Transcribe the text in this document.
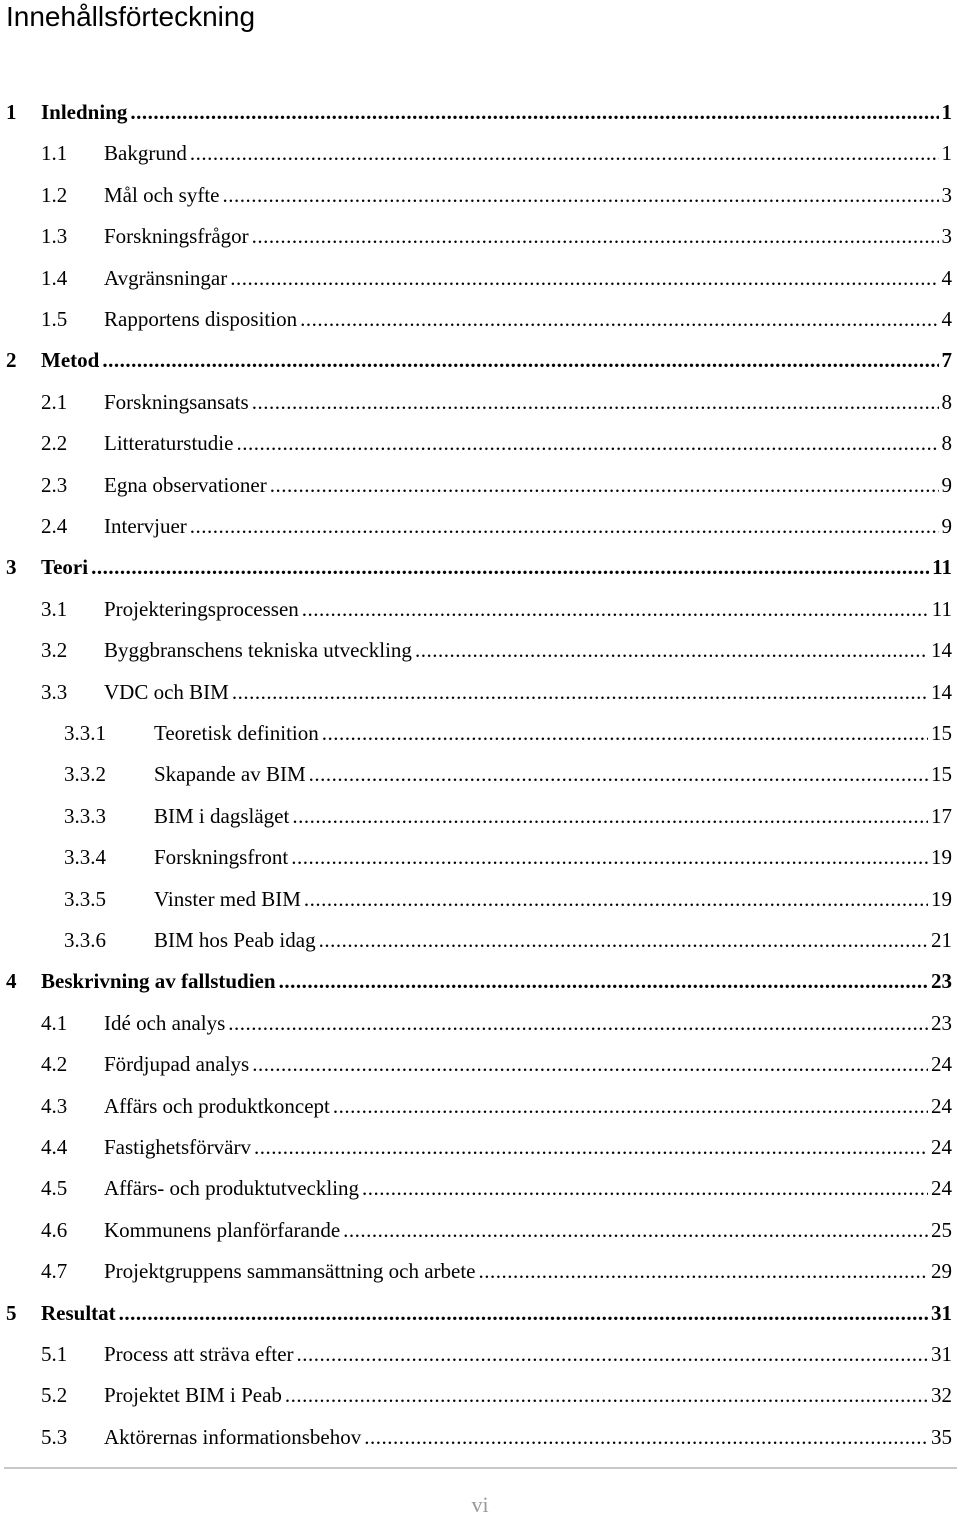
Innehållsförteckning
1 Inledning .....	1
1.1 Bakgrund .....	1
1.2 Mål och syfte .....	3
1.3 Forskningsfrågor .....	3
1.4 Avgränsningar .....	4
1.5 Rapportens disposition .....	4
2 Metod .....	7
2.1 Forskningsansats .....	8
2.2 Litteraturstudie .....	8
2.3 Egna observationer .....	9
2.4 Intervjuer .....	9
3 Teori .....	11
3.1 Projekteringsprocessen .....	11
3.2 Byggbranschens tekniska utveckling .....	14
3.3 VDC och BIM .....	14
3.3.1 Teoretisk definition .....	15
3.3.2 Skapande av BIM .....	15
3.3.3 BIM i dagsläget .....	17
3.3.4 Forskningsfront .....	19
3.3.5 Vinster med BIM .....	19
3.3.6 BIM hos Peab idag .....	21
4 Beskrivning av fallstudien .....	23
4.1 Idé och analys .....	23
4.2 Fördjupad analys .....	24
4.3 Affärs och produktkoncept .....	24
4.4 Fastighetsförvärv .....	24
4.5 Affärs- och produktutveckling .....	24
4.6 Kommunens planförfarande .....	25
4.7 Projektgruppens sammansättning och arbete .....	29
5 Resultat .....	31
5.1 Process att sträva efter .....	31
5.2 Projektet BIM i Peab .....	32
5.3 Aktörernas informationsbehov .....	35
vi
